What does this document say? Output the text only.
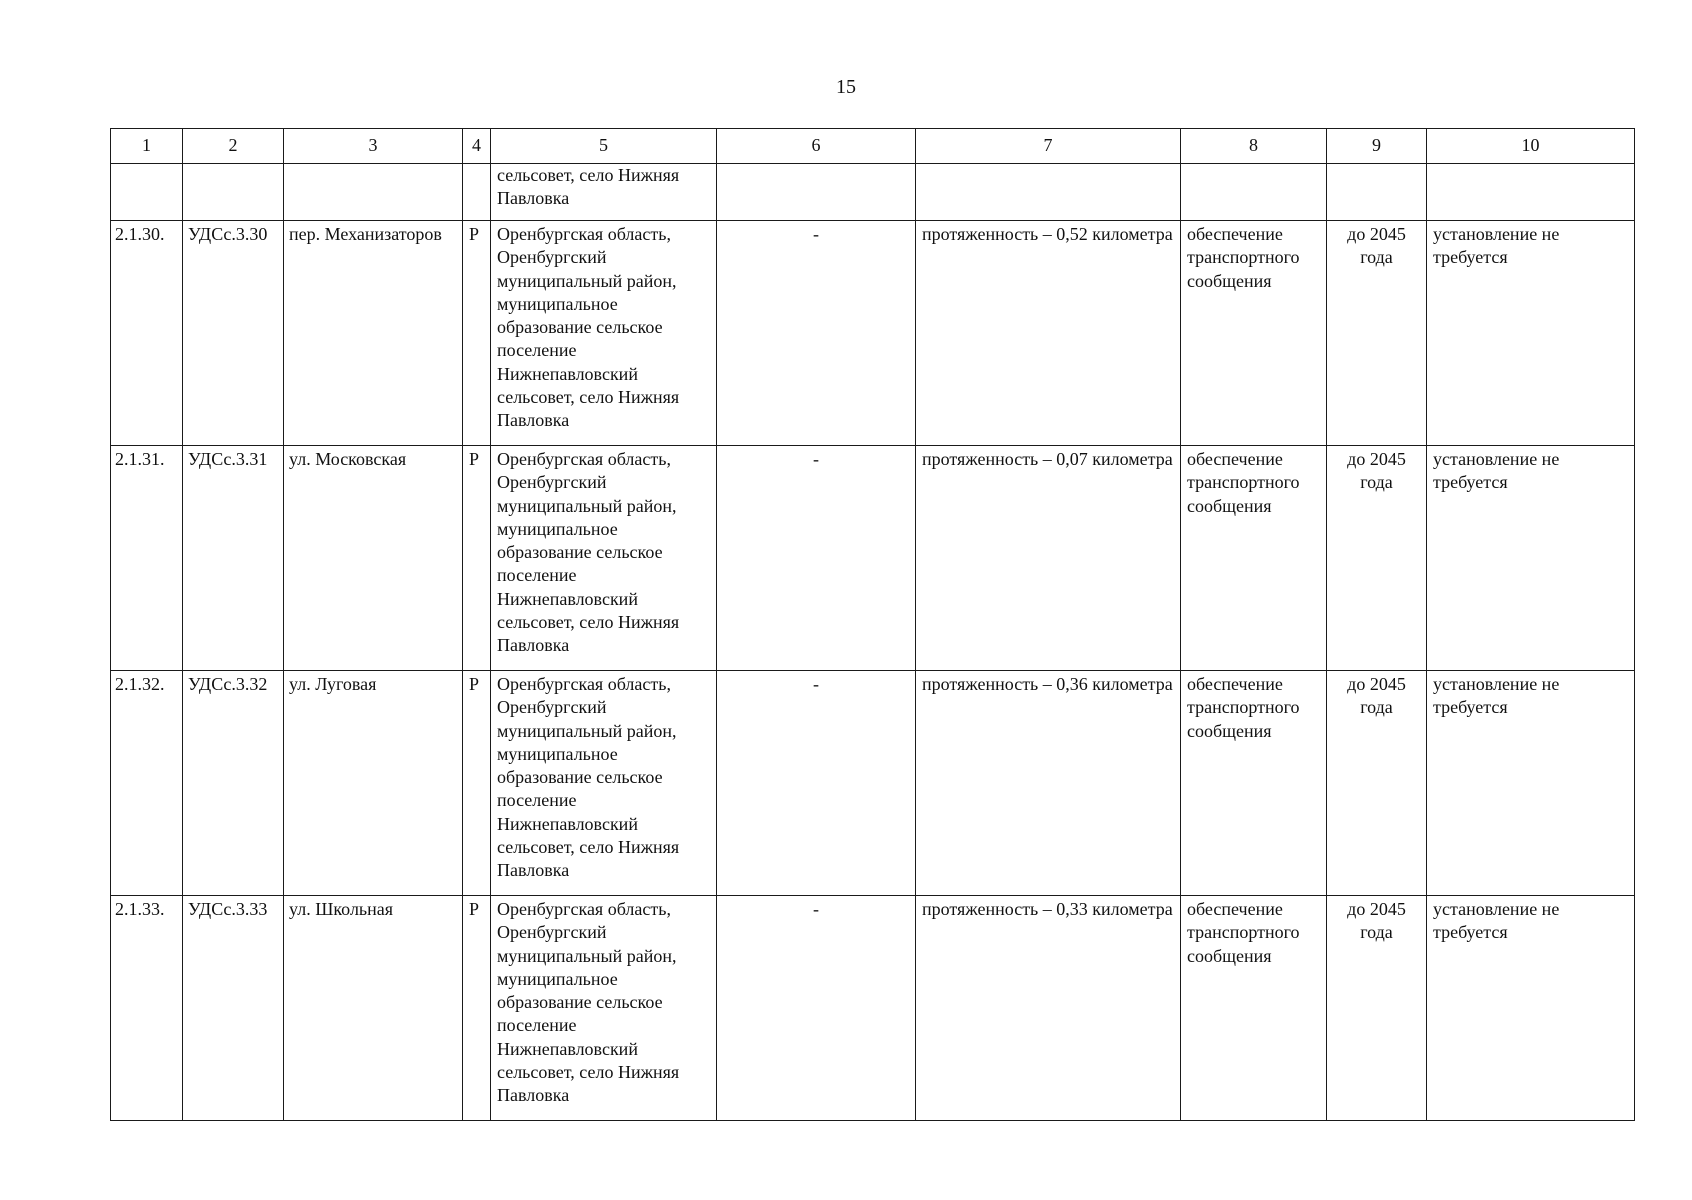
15
1	2	3	4	5	6	7	8	9	10
				сельсовет, село Нижняя Павловка					
2.1.30.	УДСс.3.30	пер. Механизаторов	Р	Оренбургская область, Оренбургский муниципальный район, муниципальное образование сельское поселение Нижнепавловский сельсовет, село Нижняя Павловка	-	протяженность – 0,52 километра	обеспечение транспортного сообщения	до 2045 года	установление не требуется
2.1.31.	УДСс.3.31	ул. Московская	Р	Оренбургская область, Оренбургский муниципальный район, муниципальное образование сельское поселение Нижнепавловский сельсовет, село Нижняя Павловка	-	протяженность – 0,07 километра	обеспечение транспортного сообщения	до 2045 года	установление не требуется
2.1.32.	УДСс.3.32	ул. Луговая	Р	Оренбургская область, Оренбургский муниципальный район, муниципальное образование сельское поселение Нижнепавловский сельсовет, село Нижняя Павловка	-	протяженность – 0,36 километра	обеспечение транспортного сообщения	до 2045 года	установление не требуется
2.1.33.	УДСс.3.33	ул. Школьная	Р	Оренбургская область, Оренбургский муниципальный район, муниципальное образование сельское поселение Нижнепавловский сельсовет, село Нижняя Павловка	-	протяженность – 0,33 километра	обеспечение транспортного сообщения	до 2045 года	установление не требуется
